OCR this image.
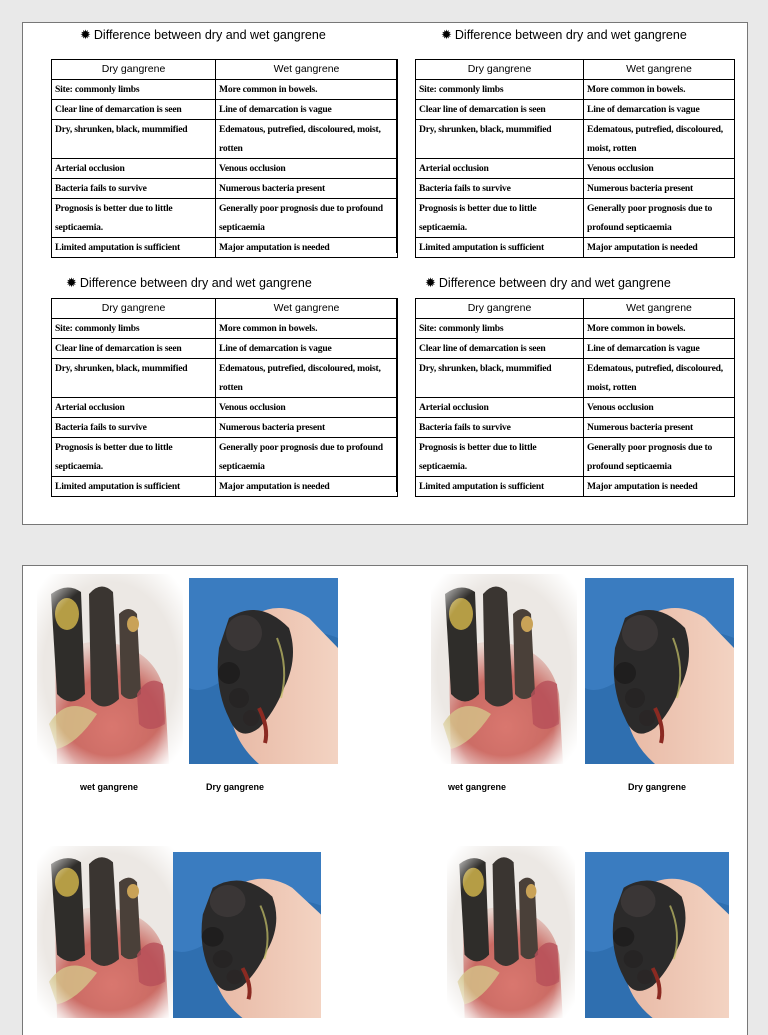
✹ Difference between dry and wet gangrene
Dry gangrene	Wet gangrene
Site: commonly limbs	More common in bowels.
Clear line of demarcation is seen	Line of demarcation is vague
Dry, shrunken, black, mummified	Edematous, putrefied, discoloured, moist, rotten
Arterial occlusion	Venous occlusion
Bacteria fails to survive	Numerous bacteria present
Prognosis is better due to little septicaemia.	Generally poor prognosis due to profound septicaemia
Limited amputation is sufficient	Major amputation is needed
✹ Difference between dry and wet gangrene
Dry gangrene	Wet gangrene
Site: commonly limbs	More common in bowels.
Clear line of demarcation is seen	Line of demarcation is vague
Dry, shrunken, black, mummified	Edematous, putrefied, discoloured, moist, rotten
Arterial occlusion	Venous occlusion
Bacteria fails to survive	Numerous bacteria present
Prognosis is better due to little septicaemia.	Generally poor prognosis due to profound septicaemia
Limited amputation is sufficient	Major amputation is needed
✹ Difference between dry and wet gangrene
Dry gangrene	Wet gangrene
Site: commonly limbs	More common in bowels.
Clear line of demarcation is seen	Line of demarcation is vague
Dry, shrunken, black, mummified	Edematous, putrefied, discoloured, moist, rotten
Arterial occlusion	Venous occlusion
Bacteria fails to survive	Numerous bacteria present
Prognosis is better due to little septicaemia.	Generally poor prognosis due to profound septicaemia
Limited amputation is sufficient	Major amputation is needed
✹ Difference between dry and wet gangrene
Dry gangrene	Wet gangrene
Site: commonly limbs	More common in bowels.
Clear line of demarcation is seen	Line of demarcation is vague
Dry, shrunken, black, mummified	Edematous, putrefied, discoloured, moist, rotten
Arterial occlusion	Venous occlusion
Bacteria fails to survive	Numerous bacteria present
Prognosis is better due to little septicaemia.	Generally poor prognosis due to profound septicaemia
Limited amputation is sufficient	Major amputation is needed
wet gangrene	Dry gangrene	wet gangrene	Dry gangrene
